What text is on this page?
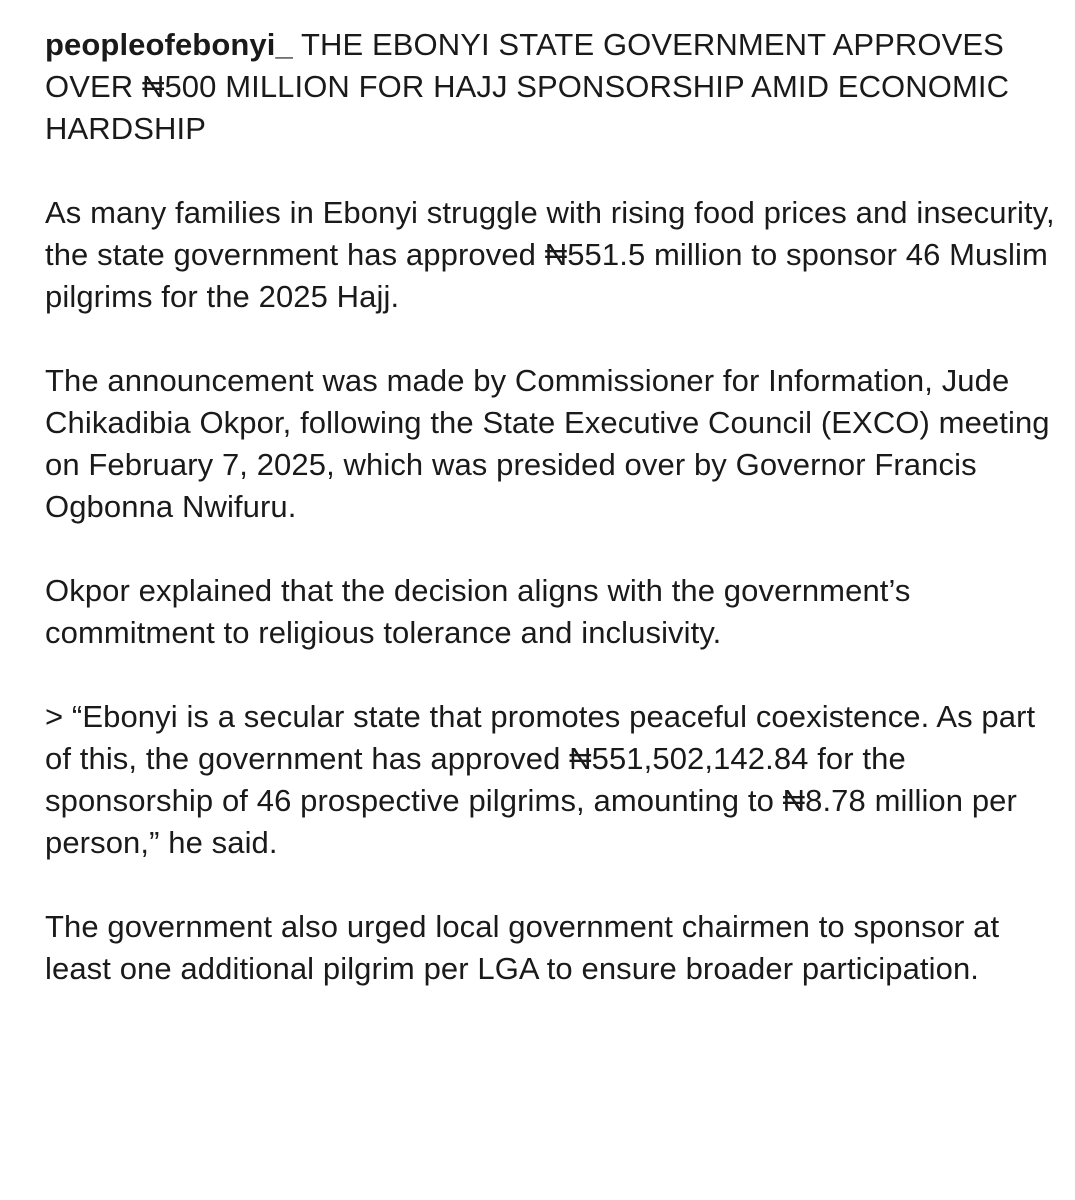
peopleofebonyi_ THE EBONYI STATE GOVERNMENT APPROVES OVER ₦500 MILLION FOR HAJJ SPONSORSHIP AMID ECONOMIC HARDSHIP

As many families in Ebonyi struggle with rising food prices and insecurity, the state government has approved ₦551.5 million to sponsor 46 Muslim pilgrims for the 2025 Hajj.

The announcement was made by Commissioner for Information, Jude Chikadibia Okpor, following the State Executive Council (EXCO) meeting on February 7, 2025, which was presided over by Governor Francis Ogbonna Nwifuru.

Okpor explained that the decision aligns with the government’s commitment to religious tolerance and inclusivity.

> “Ebonyi is a secular state that promotes peaceful coexistence. As part of this, the government has approved ₦551,502,142.84 for the sponsorship of 46 prospective pilgrims, amounting to ₦8.78 million per person,” he said.

The government also urged local government chairmen to sponsor at least one additional pilgrim per LGA to ensure broader participation.
